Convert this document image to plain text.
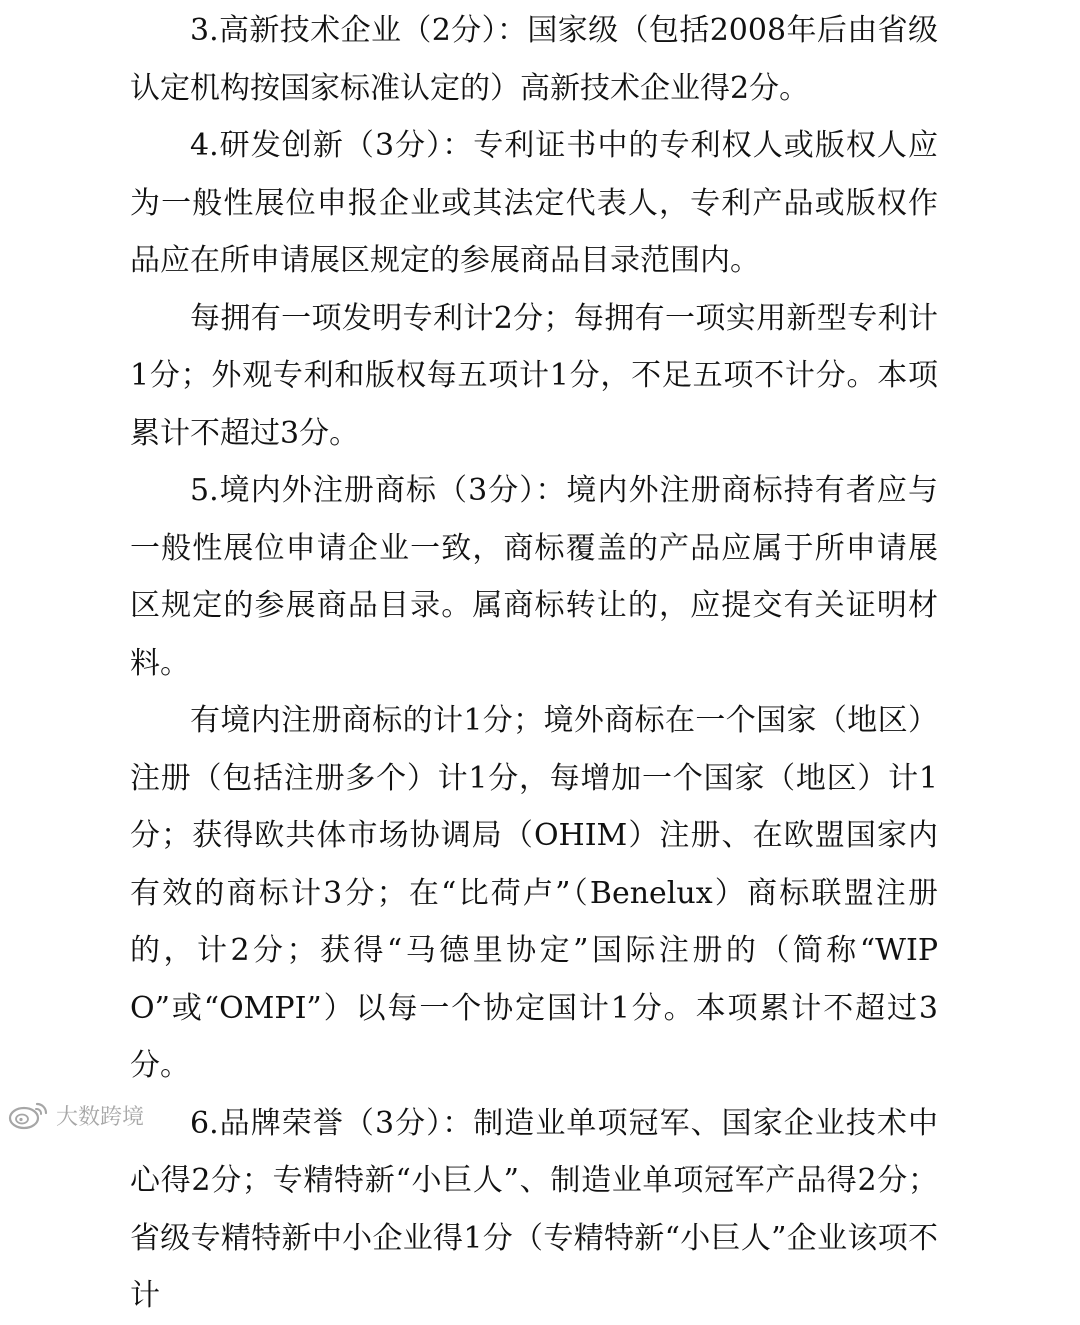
3.高新技术企业（2分）：国家级（包括2008年后由省级认定机构按国家标准认定的）高新技术企业得2分。

4.研发创新（3分）：专利证书中的专利权人或版权人应为一般性展位申报企业或其法定代表人，专利产品或版权作品应在所申请展区规定的参展商品目录范围内。

每拥有一项发明专利计2分；每拥有一项实用新型专利计1分；外观专利和版权每五项计1分，不足五项不计分。本项累计不超过3分。

5.境内外注册商标（3分）：境内外注册商标持有者应与一般性展位申请企业一致，商标覆盖的产品应属于所申请展区规定的参展商品目录。属商标转让的，应提交有关证明材料。

有境内注册商标的计1分；境外商标在一个国家（地区）注册（包括注册多个）计1分，每增加一个国家（地区）计1分；获得欧共体市场协调局（OHIM）注册、在欧盟国家内有效的商标计3分；在“比荷卢”（Benelux）商标联盟注册的，计2分；获得“马德里协定”国际注册的（简称“WIPO”或“OMPI”）以每一个协定国计1分。本项累计不超过3分。

6.品牌荣誉（3分）：制造业单项冠军、国家企业技术中心得2分；专精特新“小巨人”、制造业单项冠军产品得2分；省级专精特新中小企业得1分（专精特新“小巨人”企业该项不计

大数跨境
